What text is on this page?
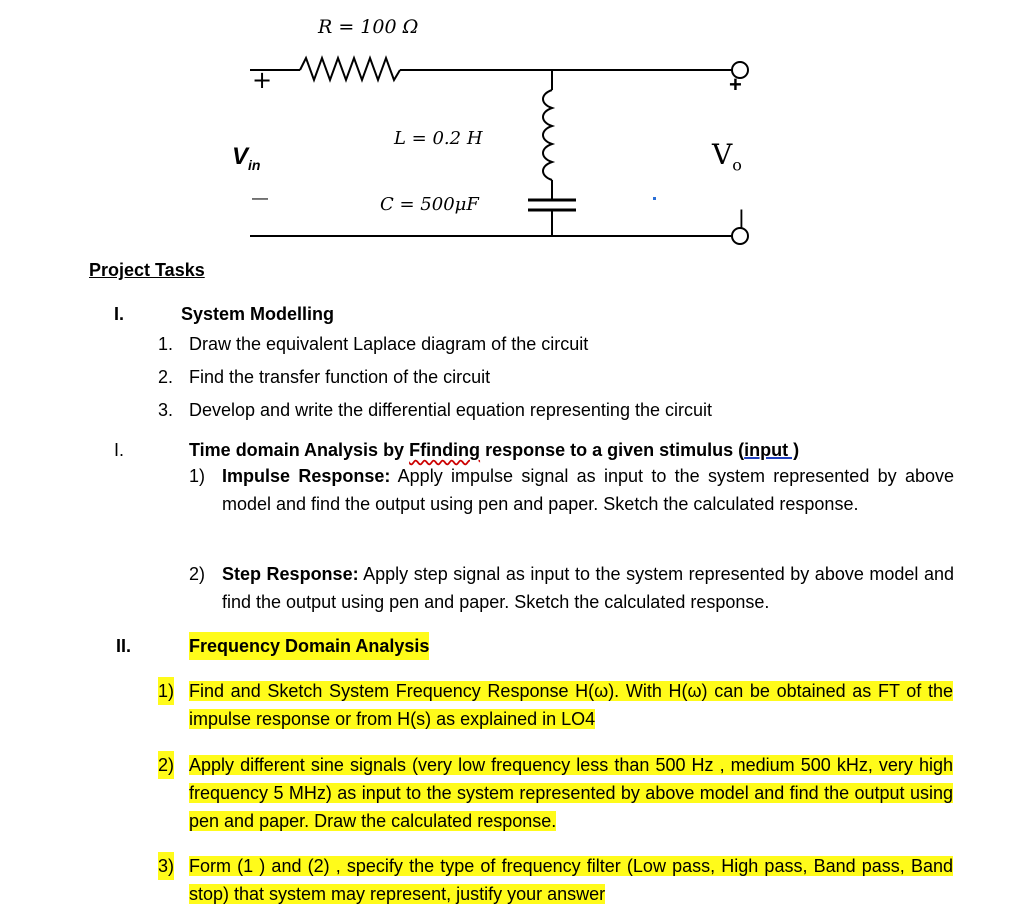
R = 100 Ω
L = 0.2 H
C = 500μF
+
—
$V_{in}$
+
—
$V_o$
Project Tasks
I.	System Modelling
1. Draw the equivalent Laplace diagram of the circuit
2. Find the transfer function of the circuit
3. Develop and write the differential equation representing the circuit
I.	Time domain Analysis by Ffinding response to a given stimulus (input )
1) Impulse Response: Apply impulse signal as input to the system represented by above model and find the output using pen and paper. Sketch the calculated response.
2) Step Response: Apply step signal as input to the system represented by above model and find the output using pen and paper. Sketch the calculated response.
II.	Frequency Domain Analysis
1) Find and Sketch System Frequency Response H(ω). With H(ω) can be obtained as FT of the impulse response or from H(s) as explained in LO4
2) Apply different sine signals (very low frequency less than 500 Hz , medium 500 kHz, very high frequency 5 MHz) as input to the system represented by above model and find the output using pen and paper. Draw the calculated response.
3) Form (1 ) and (2) , specify the type of frequency filter (Low pass, High pass, Band pass, Band stop) that system may represent, justify your answer
